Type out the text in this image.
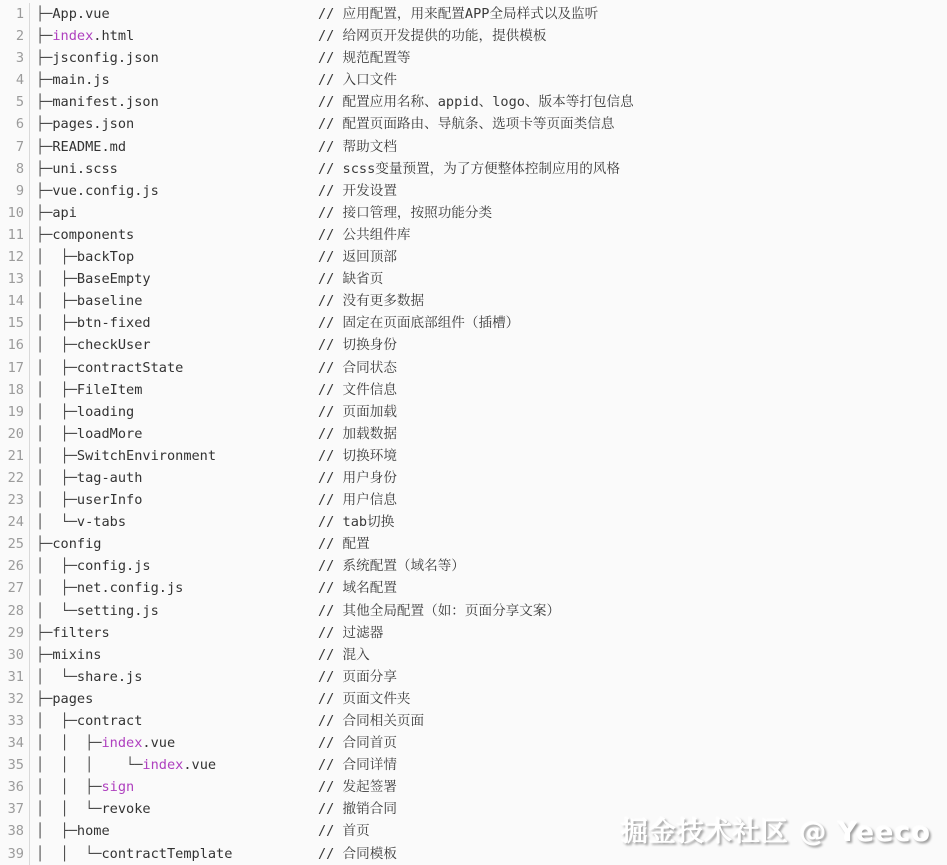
1 ├─App.vue	// 应用配置，用来配置APP全局样式以及监听
2 ├─index.html	// 给网页开发提供的功能，提供模板
3 ├─jsconfig.json	// 规范配置等
4 ├─main.js	// 入口文件
5 ├─manifest.json	// 配置应用名称、appid、logo、版本等打包信息
6 ├─pages.json	// 配置页面路由、导航条、选项卡等页面类信息
7 ├─README.md	// 帮助文档
8 ├─uni.scss	// scss变量预置，为了方便整体控制应用的风格
9 ├─vue.config.js	// 开发设置
10 ├─api	// 接口管理，按照功能分类
11 ├─components	// 公共组件库
12 │  ├─backTop	// 返回顶部
13 │  ├─BaseEmpty	// 缺省页
14 │  ├─baseline	// 没有更多数据
15 │  ├─btn-fixed	// 固定在页面底部组件（插槽）
16 │  ├─checkUser	// 切换身份
17 │  ├─contractState	// 合同状态
18 │  ├─FileItem	// 文件信息
19 │  ├─loading	// 页面加载
20 │  ├─loadMore	// 加载数据
21 │  ├─SwitchEnvironment	// 切换环境
22 │  ├─tag-auth	// 用户身份
23 │  ├─userInfo	// 用户信息
24 │  └─v-tabs	// tab切换
25 ├─config	// 配置
26 │  ├─config.js	// 系统配置（域名等）
27 │  ├─net.config.js	// 域名配置
28 │  └─setting.js	// 其他全局配置（如：页面分享文案）
29 ├─filters	// 过滤器
30 ├─mixins	// 混入
31 │  └─share.js	// 页面分享
32 ├─pages	// 页面文件夹
33 │  ├─contract	// 合同相关页面
34 │  │  ├─index.vue	// 合同首页
35 │  │  │    └─index.vue	// 合同详情
36 │  │  ├─sign	// 发起签署
37 │  │  └─revoke	// 撤销合同
38 │  ├─home	// 首页
39 │  │  └─contractTemplate	// 合同模板
掘金技术社区 @ Yeeco
